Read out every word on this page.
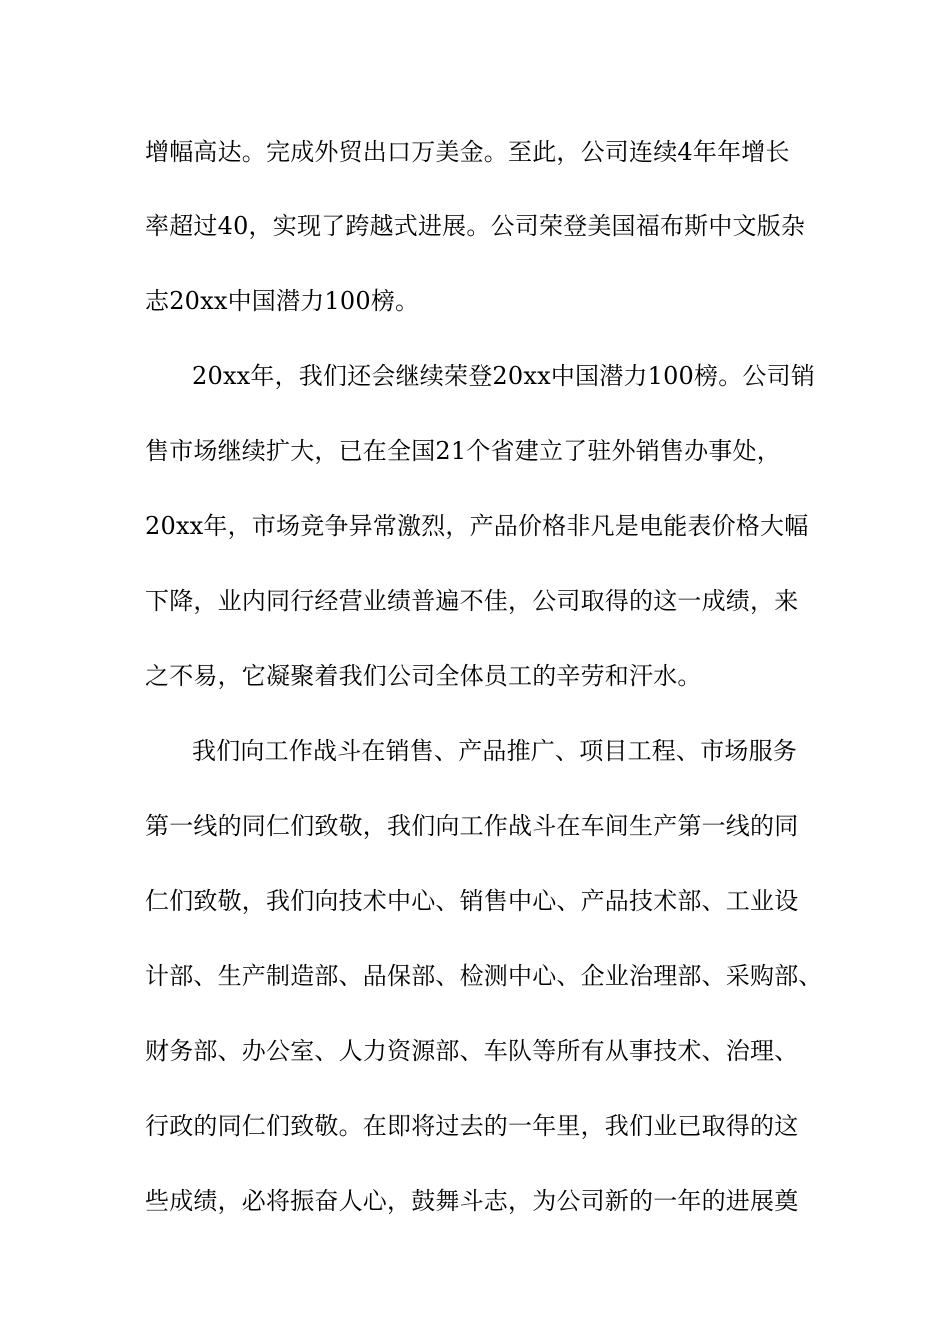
增幅高达。完成外贸出口万美金。至此，公司连续4年年增长
率超过40，实现了跨越式进展。公司荣登美国福布斯中文版杂
志20xx中国潜力100榜。
20xx年，我们还会继续荣登20xx中国潜力100榜。公司销
售市场继续扩大，已在全国21个省建立了驻外销售办事处，
20xx年，市场竞争异常激烈，产品价格非凡是电能表价格大幅
下降，业内同行经营业绩普遍不佳，公司取得的这一成绩，来
之不易，它凝聚着我们公司全体员工的辛劳和汗水。
我们向工作战斗在销售、产品推广、项目工程、市场服务
第一线的同仁们致敬，我们向工作战斗在车间生产第一线的同
仁们致敬，我们向技术中心、销售中心、产品技术部、工业设
计部、生产制造部、品保部、检测中心、企业治理部、采购部、
财务部、办公室、人力资源部、车队等所有从事技术、治理、
行政的同仁们致敬。在即将过去的一年里，我们业已取得的这
些成绩，必将振奋人心，鼓舞斗志，为公司新的一年的进展奠
